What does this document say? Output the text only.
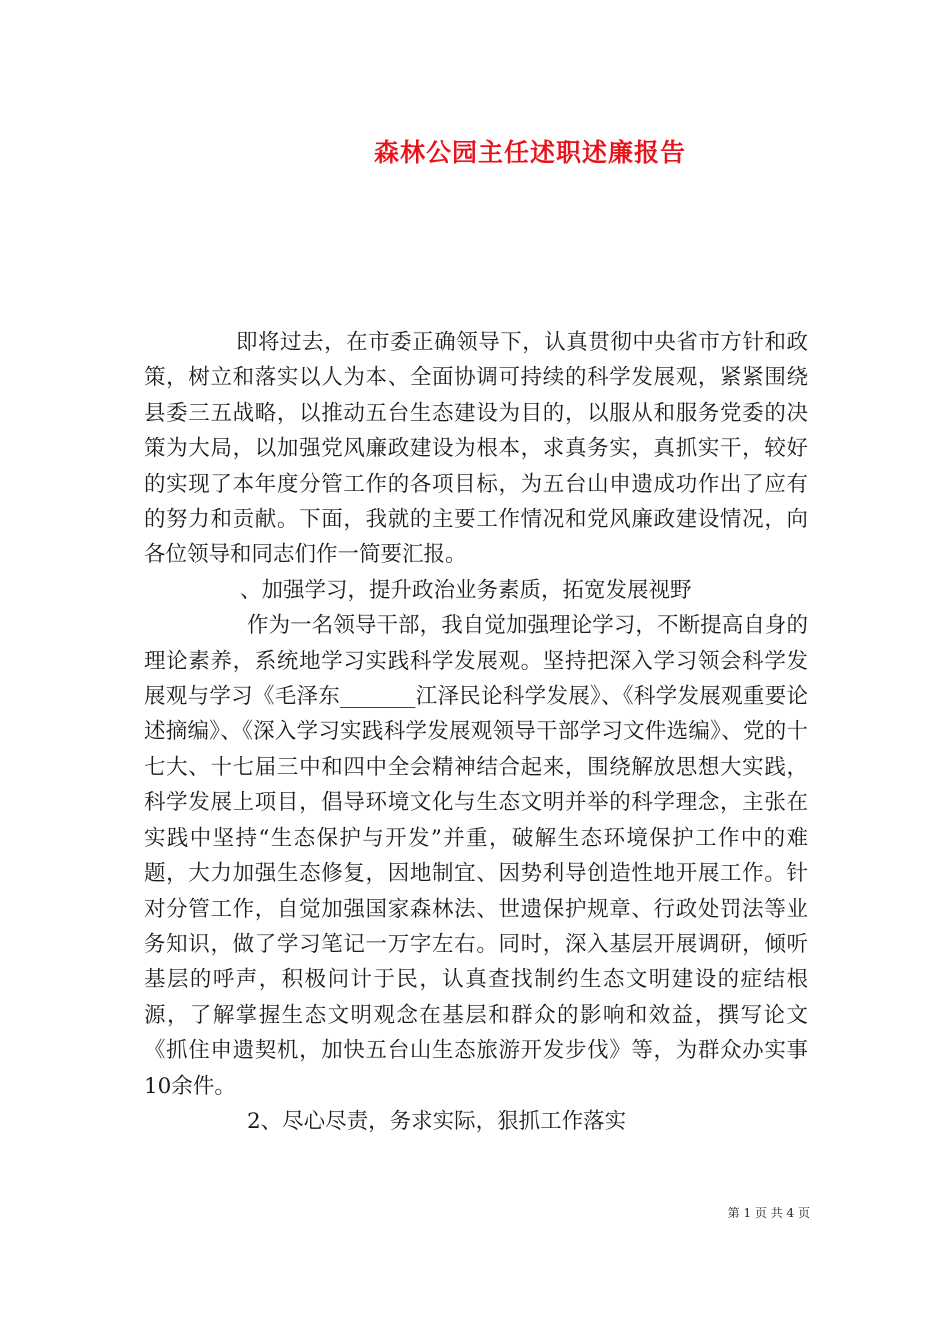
森林公园主任述职述廉报告

即将过去，在市委正确领导下，认真贯彻中央省市方针和政策，树立和落实以人为本、全面协调可持续的科学发展观，紧紧围绕县委三五战略，以推动五台生态建设为目的，以服从和服务党委的决策为大局，以加强党风廉政建设为根本，求真务实，真抓实干，较好的实现了本年度分管工作的各项目标，为五台山申遗成功作出了应有的努力和贡献。下面，我就的主要工作情况和党风廉政建设情况，向各位领导和同志们作一简要汇报。

、加强学习，提升政治业务素质，拓宽发展视野

作为一名领导干部，我自觉加强理论学习，不断提高自身的理论素养，系统地学习实践科学发展观。坚持把深入学习领会科学发展观与学习《毛泽东_______江泽民论科学发展》、《科学发展观重要论述摘编》、《深入学习实践科学发展观领导干部学习文件选编》、党的十七大、十七届三中和四中全会精神结合起来，围绕解放思想大实践，科学发展上项目，倡导环境文化与生态文明并举的科学理念，主张在实践中坚持“生态保护与开发”并重，破解生态环境保护工作中的难题，大力加强生态修复，因地制宜、因势利导创造性地开展工作。针对分管工作，自觉加强国家森林法、世遗保护规章、行政处罚法等业务知识，做了学习笔记一万字左右。同时，深入基层开展调研，倾听基层的呼声，积极问计于民，认真查找制约生态文明建设的症结根源，了解掌握生态文明观念在基层和群众的影响和效益，撰写论文《抓住申遗契机，加快五台山生态旅游开发步伐》等，为群众办实事10余件。

2、尽心尽责，务求实际，狠抓工作落实

第 1 页 共 4 页
